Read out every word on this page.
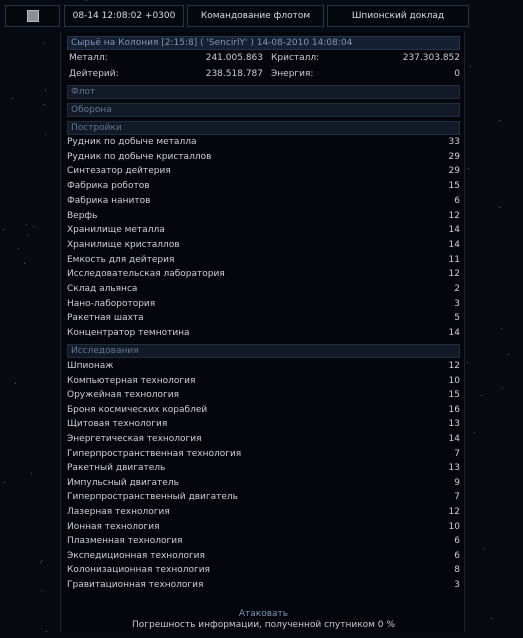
08-14 12:08:02 +0300	Командование флотом	Шпионский доклад
Сырьё на Колония [2:15:8] ( 'SencirlY' ) 14-08-2010 14:08:04
Металл:	241.005.863 Кристалл:	237.303.852
Дейтерий:	238.518.787 Энергия:	0
Флот
Оборона
Постройки
Рудник по добыче металла	33
Рудник по добыче кристаллов	29
Синтезатор дейтерия	29
Фабрика роботов	15
Фабрика нанитов	6
Верфь	12
Хранилище металла	14
Хранилище кристаллов	14
Емкость для дейтерия	11
Исследовательская лаборатория	12
Склад альянса	2
Нано-лаборотория	3
Ракетная шахта	5
Концентратор темнотина	14
Исследования
Шпионаж	12
Компьютерная технология	10
Оружейная технология	15
Броня космических кораблей	16
Щитовая технология	13
Энергетическая технология	14
Гиперпространственная технология	7
Ракетный двигатель	13
Импульсный двигатель	9
Гиперпространственный двигатель	7
Лазерная технология	12
Ионная технология	10
Плазменная технология	6
Экспедиционная технология	6
Колонизационная технология	8
Гравитационная технология	3
Атаковать
Погрешность информации, полученной спутником 0 %
